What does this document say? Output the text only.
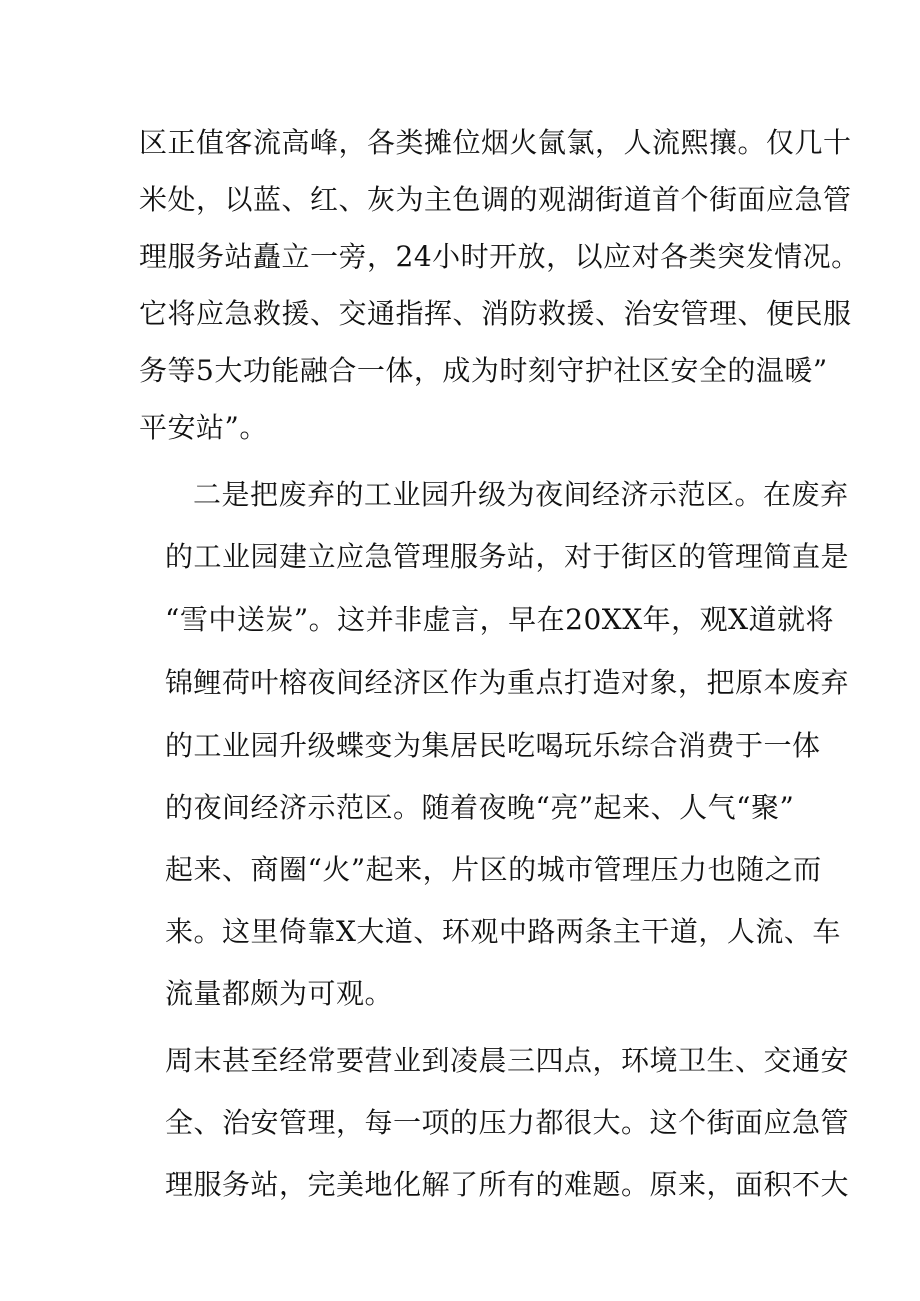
区正值客流高峰，各类摊位烟火氤氯，人流熙攘。仅几十
米处，以蓝、红、灰为主色调的观湖街道首个街面应急管
理服务站矗立一旁，24小时开放，以应对各类突发情况。
它将应急救援、交通指挥、消防救援、治安管理、便民服
务等5大功能融合一体，成为时刻守护社区安全的温暖”
平安站”。
二是把废弃的工业园升级为夜间经济示范区。在废弃
的工业园建立应急管理服务站，对于街区的管理简直是
“雪中送炭”。这并非虚言，早在20XX年，观X道就将
锦鲤荷叶榕夜间经济区作为重点打造对象，把原本废弃
的工业园升级蝶变为集居民吃喝玩乐综合消费于一体
的夜间经济示范区。随着夜晚“亮”起来、人气“聚”
起来、商圈“火”起来，片区的城市管理压力也随之而
来。这里倚靠X大道、环观中路两条主干道，人流、车
流量都颇为可观。
周末甚至经常要营业到凌晨三四点，环境卫生、交通安
全、治安管理，每一项的压力都很大。这个街面应急管
理服务站，完美地化解了所有的难题。原来，面积不大
